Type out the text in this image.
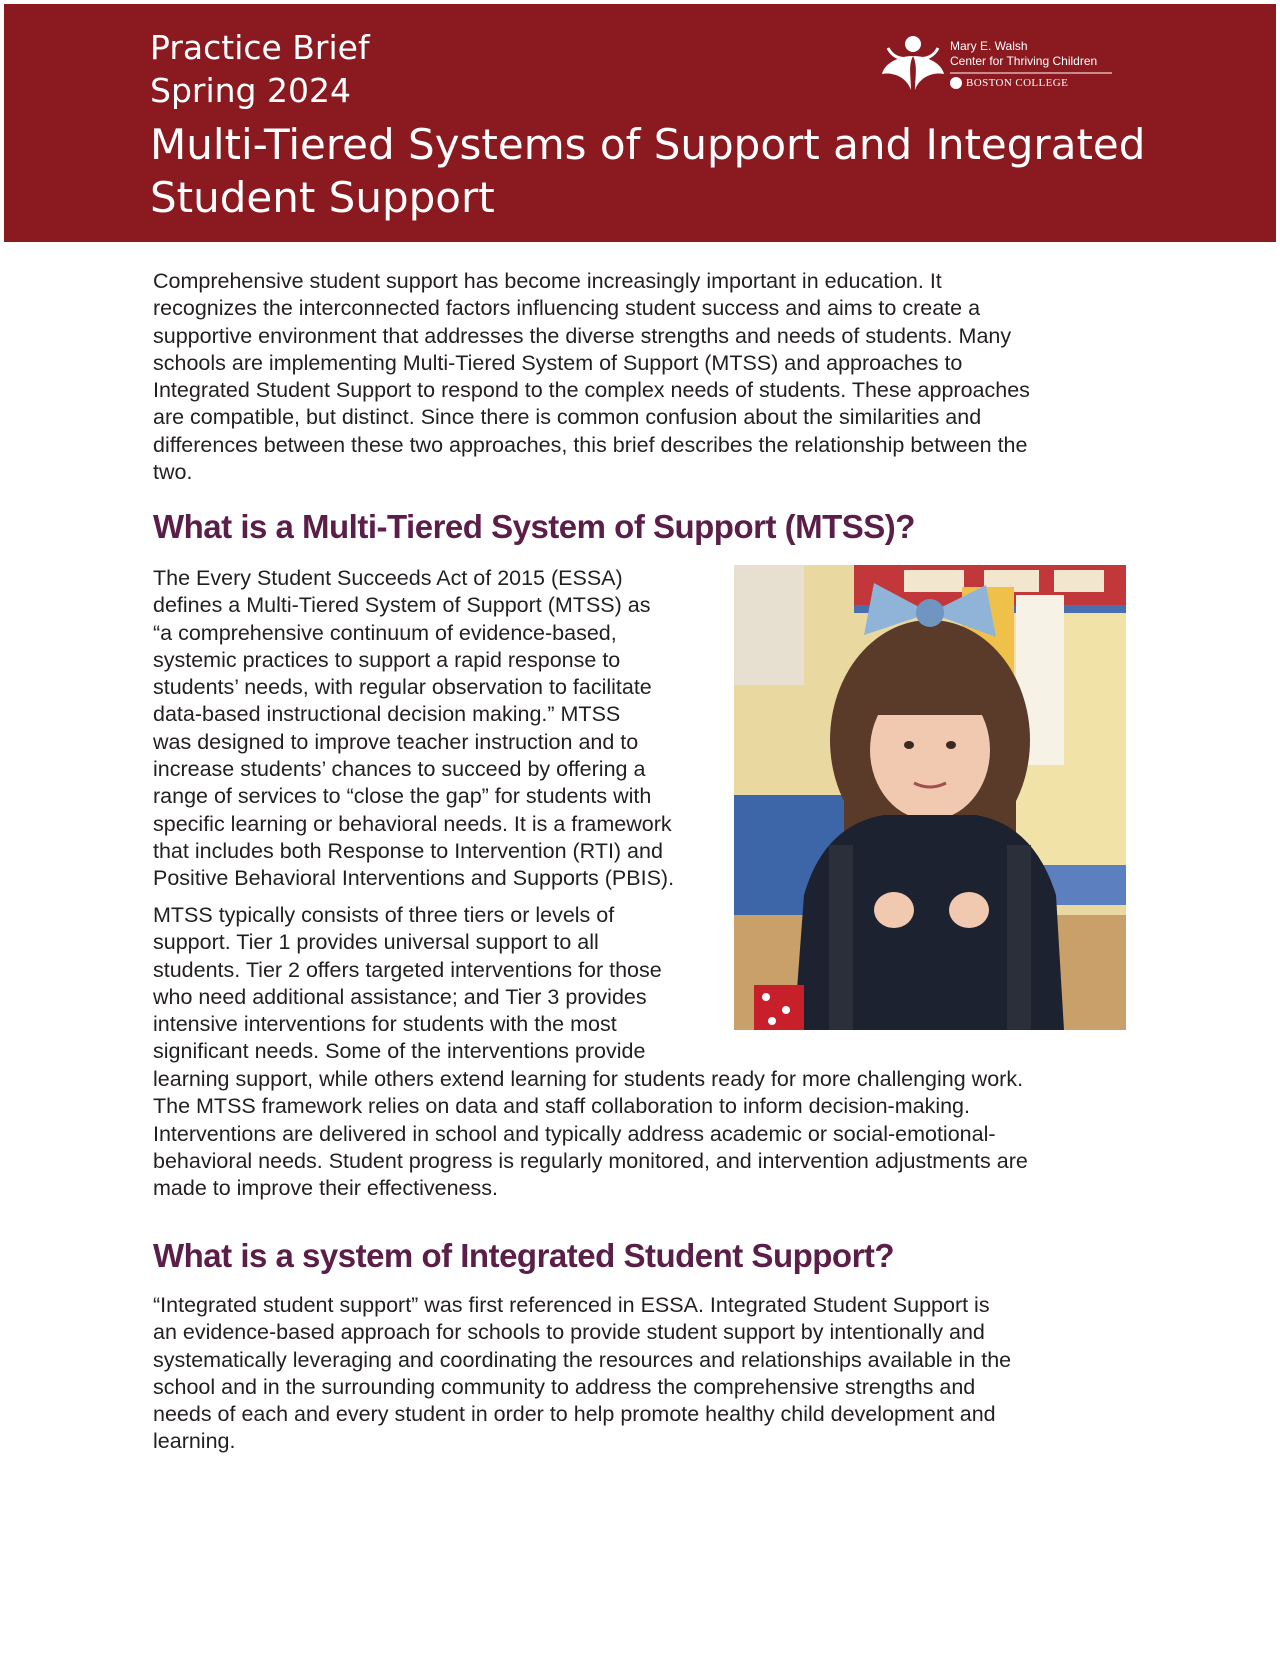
Practice Brief
Spring 2024
Multi-Tiered Systems of Support and Integrated
Student Support
Mary E. Walsh
Center for Thriving Children
BOSTON COLLEGE
Comprehensive student support has become increasingly important in education. It
recognizes the interconnected factors influencing student success and aims to create a
supportive environment that addresses the diverse strengths and needs of students. Many
schools are implementing Multi-Tiered System of Support (MTSS) and approaches to
Integrated Student Support to respond to the complex needs of students. These approaches
are compatible, but distinct. Since there is common confusion about the similarities and
differences between these two approaches, this brief describes the relationship between the
two.
What is a Multi-Tiered System of Support (MTSS)?
The Every Student Succeeds Act of 2015 (ESSA)
defines a Multi-Tiered System of Support (MTSS) as
“a comprehensive continuum of evidence-based,
systemic practices to support a rapid response to
students’ needs, with regular observation to facilitate
data-based instructional decision making.” MTSS
was designed to improve teacher instruction and to
increase students’ chances to succeed by offering a
range of services to “close the gap” for students with
specific learning or behavioral needs. It is a framework
that includes both Response to Intervention (RTI) and
Positive Behavioral Interventions and Supports (PBIS).
MTSS typically consists of three tiers or levels of
support. Tier 1 provides universal support to all
students. Tier 2 offers targeted interventions for those
who need additional assistance; and Tier 3 provides
intensive interventions for students with the most
significant needs. Some of the interventions provide
learning support, while others extend learning for students ready for more challenging work.
The MTSS framework relies on data and staff collaboration to inform decision-making.
Interventions are delivered in school and typically address academic or social-emotional-
behavioral needs. Student progress is regularly monitored, and intervention adjustments are
made to improve their effectiveness.
What is a system of Integrated Student Support?
“Integrated student support” was first referenced in ESSA. Integrated Student Support is
an evidence-based approach for schools to provide student support by intentionally and
systematically leveraging and coordinating the resources and relationships available in the
school and in the surrounding community to address the comprehensive strengths and
needs of each and every student in order to help promote healthy child development and
learning.
